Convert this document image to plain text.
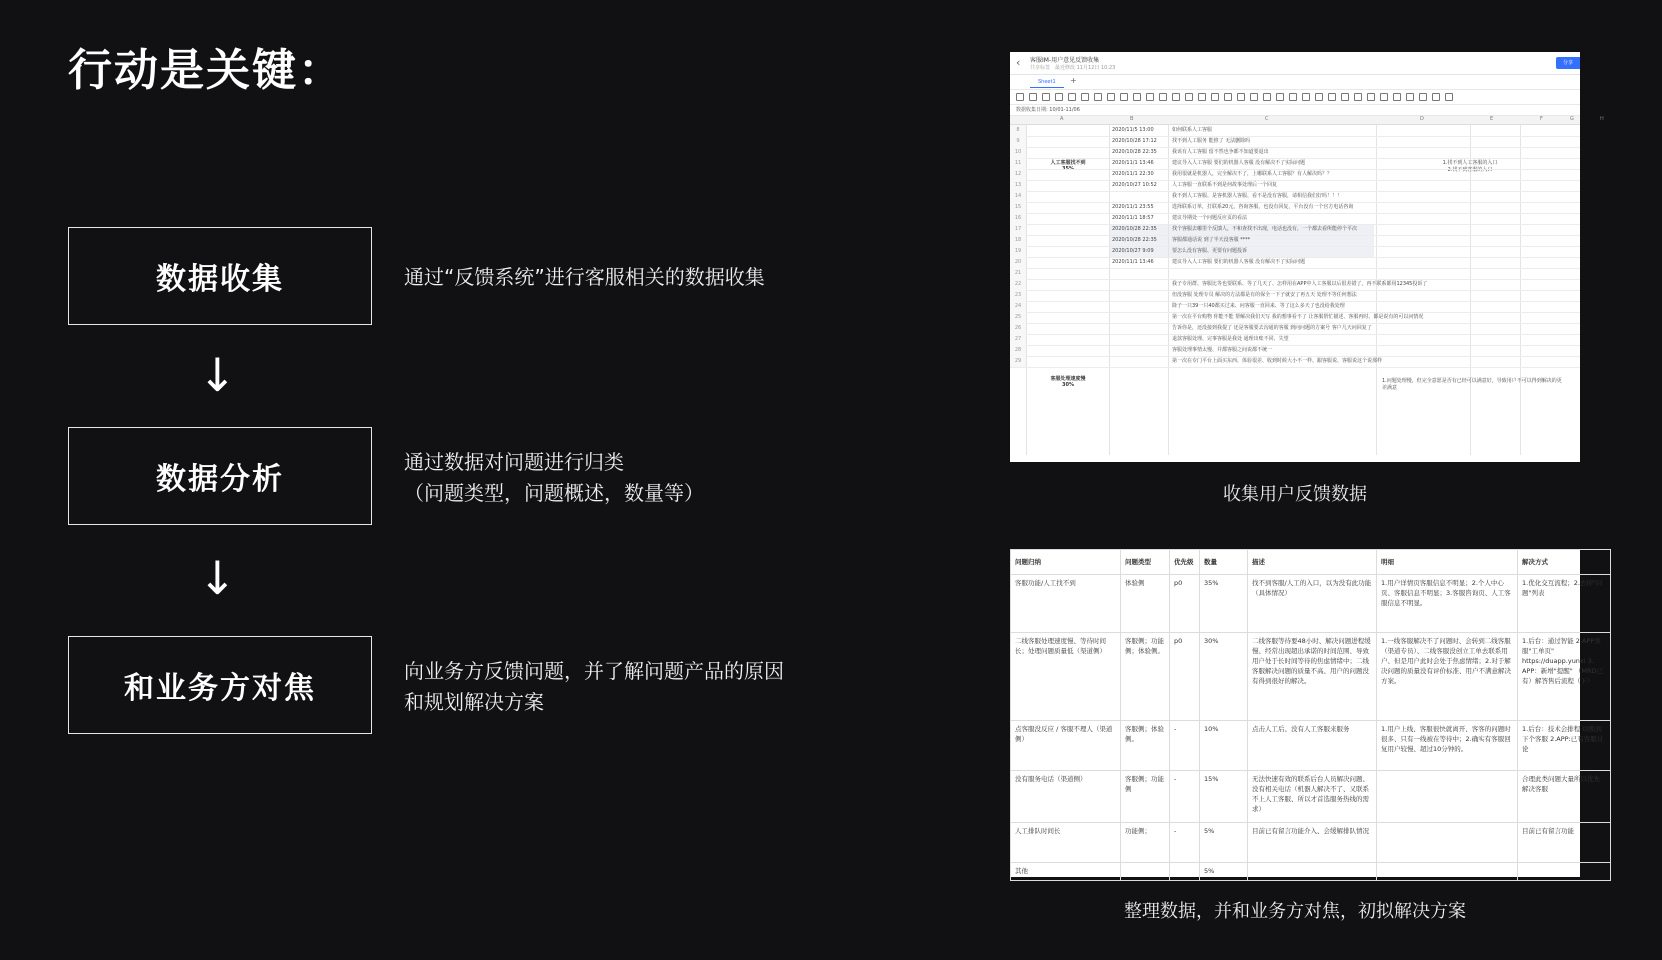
行动是关键：
数据收集	通过“反馈系统”进行客服相关的数据收集
↓
数据分析	通过数据对问题进行归类
（问题类型，问题概述，数量等）
↓
和业务方对焦	向业务方反馈问题，并了解问题产品的原因和规划解决方案
‹ 客服IM-用户意见反馈收集
共享标签　最近修改 11月12日 10:23
分享
Sheet1	+
数据收集日期: 10/01-11/06
A	B	C	D	E	F	G	H
人工客服找不到
35%
1.找不到人工客服的入口
2.找不到客服的入口
客服处理速度慢
30%
1.问题处理慢，但完全意愿是否有已经可以满意好，导致用户不可以得到解决的更差满意
8	2020/11/5 13:00	如何联系人工客服
9	2020/10/28 17:12	找不到人工服务 能推了 无法删除吗
10	2020/10/28 22:35	我该有人工客服 留不然也争都不知道要退出
11	2020/11/1 13:46	建议导入人工客服 要们的机器人客服 没有解决不了实际问题
12	2020/11/1 22:30	我用很就是机器人，完全解决不了，上哪联系人工客服？有人解决吗？？
13	2020/10/27 10:52	人工客服一直联系不到是何故事处理后一个回复
14	我不到人工客服、是客机器人客服、看不是没有客服，请相信我们好吗！！！
15	2020/11/1 23:55	选择联系订单，打联系20元，咨询客服，也没有回复，平台没有一个官方电话咨询
16	2020/11/1 18:57	建议导期处一个问题反应页的看法
17	2020/10/28 22:35	找个客服去哪里个反馈人，不和查找不出现，电话也没有，一个都去看所能停个平次
18	2020/10/28 22:35	客服都通话说 到了半天没客服 ****
19	2020/10/27 9:09	要怎么没有客服、更要有问题投诉
20	2020/11/1 13:46	建议导入人工客服 要们的机器人客服 没有解决不了实际问题
21
22	我子专用群、客服比等也要联系、等了几天了、怎样用在APP中人工客服以后很差错了，再不联系都用12345投诉了
23	但没客服 处理专员 解决的方法都是有的保全一下子就安了再五天 处理不等任何想法
24	降子一只39一只40都买过来、问客服一直回来、等了这么多天了也没给我处理
25	第一次在平台购物 你能不能 帮解决我们天写 我的想事看不了 让客服帮忙描述、客服再时、都是说有的可以问情况
26	告诉你是，还没接到我提了 还是客服要去沟通的客服 到问问题的方案号 客户几天问回复了
27	退款客服处理、完事客服是我处 通理出账不同、失望
28	客服处理事情太慢、并都客服之间说都不统一
29	第一次在专门平台上面买东西、体验很差、收到时候大小不一样、跟客服说、客服说这个说那样
收集用户反馈数据
问题归纳	问题类型	优先级	数量	描述	明细	解决方式
客服功能/人工找不到	体验侧	p0	35%	找不到客服/人工的入口，以为没有此功能（具体情况）	1.用户详情页客服信息不明显；2.个人中心页、客服信息不明显；3.客服咨询页、人工客服信息不明显。	1.优化交互流程；2.去掉"问题"列表
二线客服处理速度慢、等待时间长；处理问题质量低（渠道侧）	客服侧；功能侧；体验侧。	p0	30%	二线客服等待要48小时、解决问题进程缓慢、经常出现超出承诺的时间范围、导致用户处于长时间等待的焦虑情绪中；二线客服解决问题的质量不高、用户的问题没有得到很好的解决。	1.一线客服解决不了问题时、会转到二线客服（渠道专员）、二线客服没创立工单去联系用户、但是用户此时会处于焦虑情绪；2.对于解决问题的质量没有评价标准、用户不满意解决方案。	1.后台：通过智能 2.APP客服"工单页" https://duapp.yunxi 3. APP：新增"提醒" （MRD已有）解答售后流程（下）
点客服没反应 / 客服不理人（渠道侧）	客服侧；体验侧。	-	10%	点击人工后、没有人工客服来服务	1.用户上线、客服很快就离开、客客的问题时很多、只有一线被在等待中；2.确实有客服回复用户较慢、超过10分钟的。	1.后台：技术会排程 切换到下个客服 2.APP:已有客服讨论
没有服务电话（渠道侧）	客服侧；功能侧	-	15%	无法快速有效的联系后台人员解决问题、没有相关电话（机器人解决不了、又联系不上人工客服、所以才首选服务热线的需求）		合理此类问题大量所以优先解决客服
人工排队时间长	功能侧；	-	5%	目前已有留言功能介入、会缓解排队情况		目前已有留言功能
其他			5%			
整理数据，并和业务方对焦，初拟解决方案
